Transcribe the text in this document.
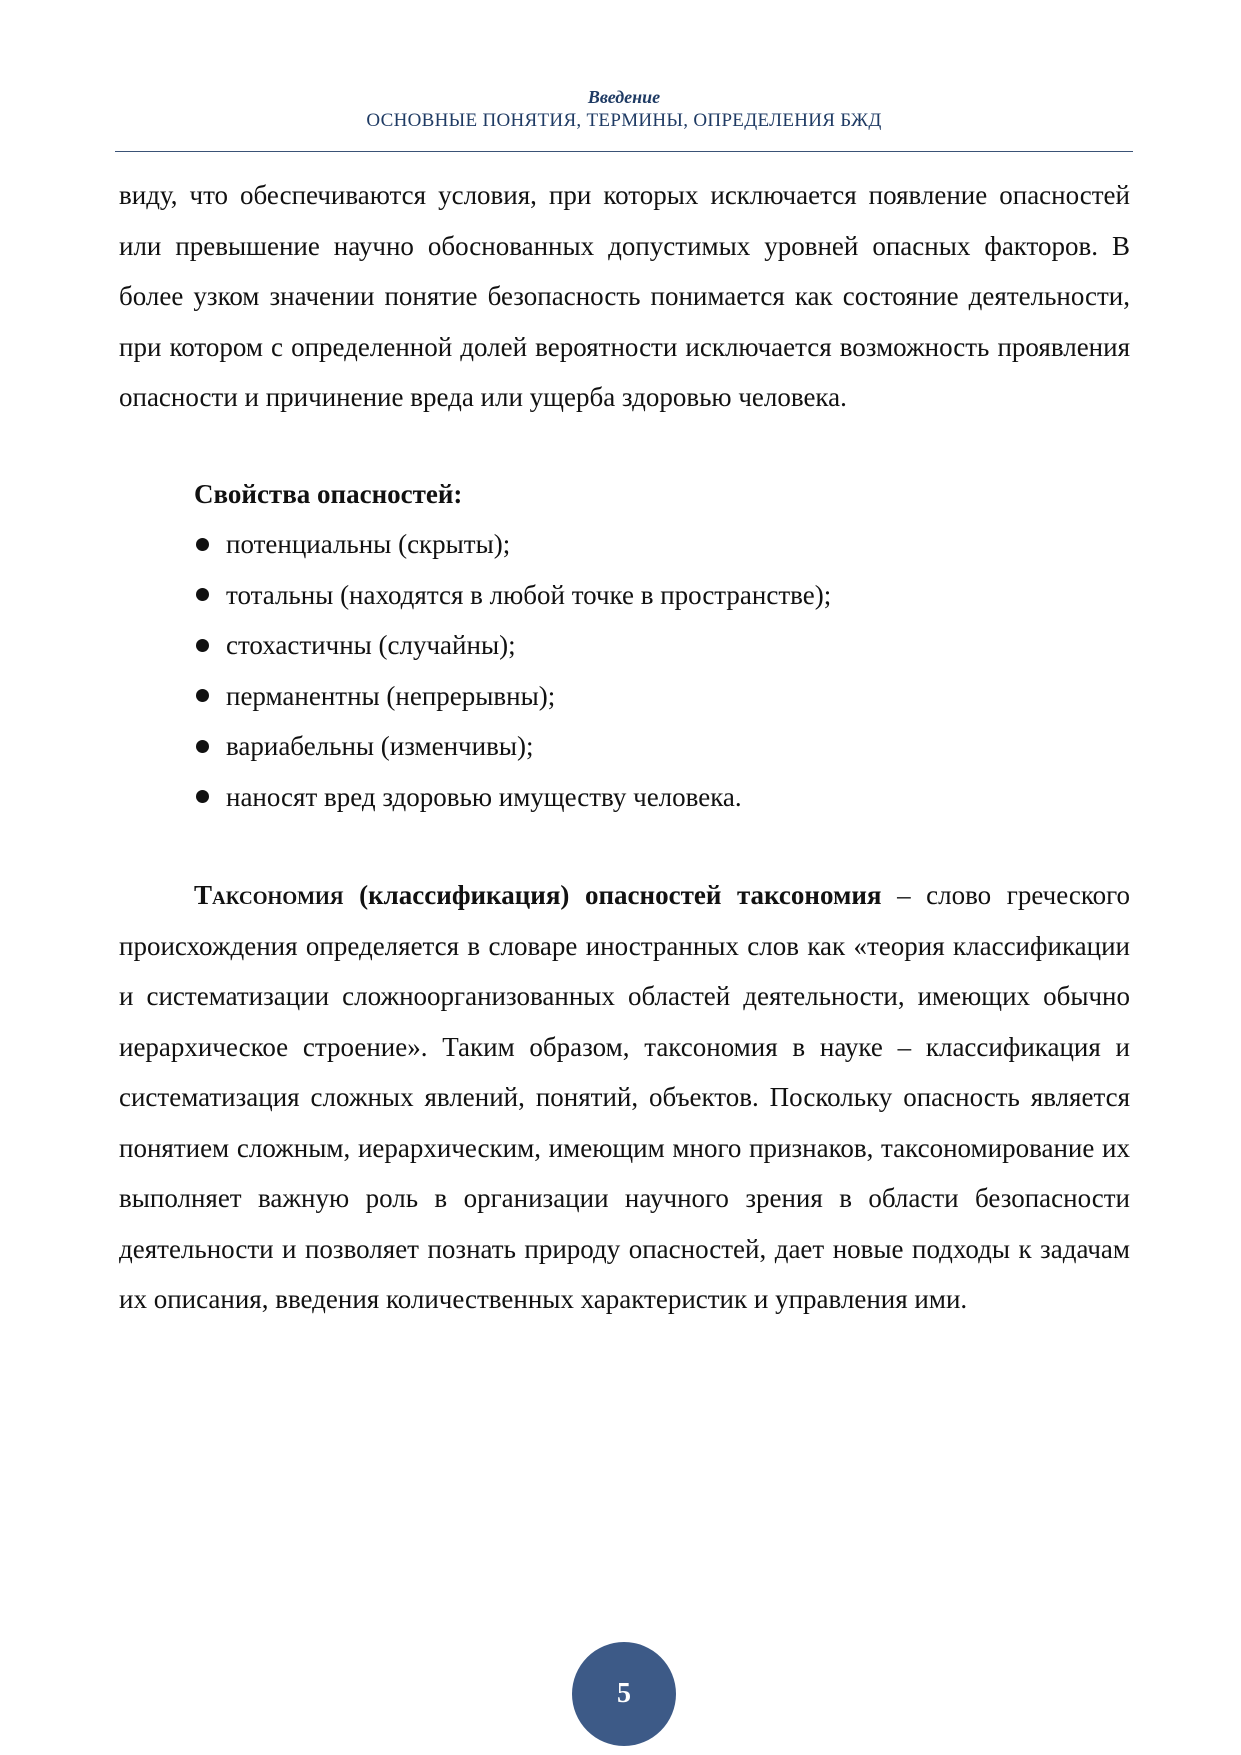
Введение
ОСНОВНЫЕ ПОНЯТИЯ, ТЕРМИНЫ, ОПРЕДЕЛЕНИЯ БЖД

виду, что обеспечиваются условия, при которых исключается появление опасностей или превышение научно обоснованных допустимых уровней опасных факторов. В более узком значении понятие безопасность понимается как состояние деятельности, при котором с определенной долей вероятности исключается возможность проявления опасности и причинение вреда или ущерба здоровью человека.

Свойства опасностей:
потенциальны (скрыты);
тотальны (находятся в любой точке в пространстве);
стохастичны (случайны);
перманентны (непрерывны);
вариабельны (изменчивы);
наносят вред здоровью имуществу человека.

Таксономия (классификация) опасностей таксономия – слово греческого происхождения определяется в словаре иностранных слов как «теория классификации и систематизации сложноорганизованных областей деятельности, имеющих обычно иерархическое строение». Таким образом, таксономия в науке – классификация и систематизация сложных явлений, понятий, объектов. Поскольку опасность является понятием сложным, иерархическим, имеющим много признаков, таксономирование их выполняет важную роль в организации научного зрения в области безопасности деятельности и позволяет познать природу опасностей, дает новые подходы к задачам их описания, введения количественных характеристик и управления ими.

5
